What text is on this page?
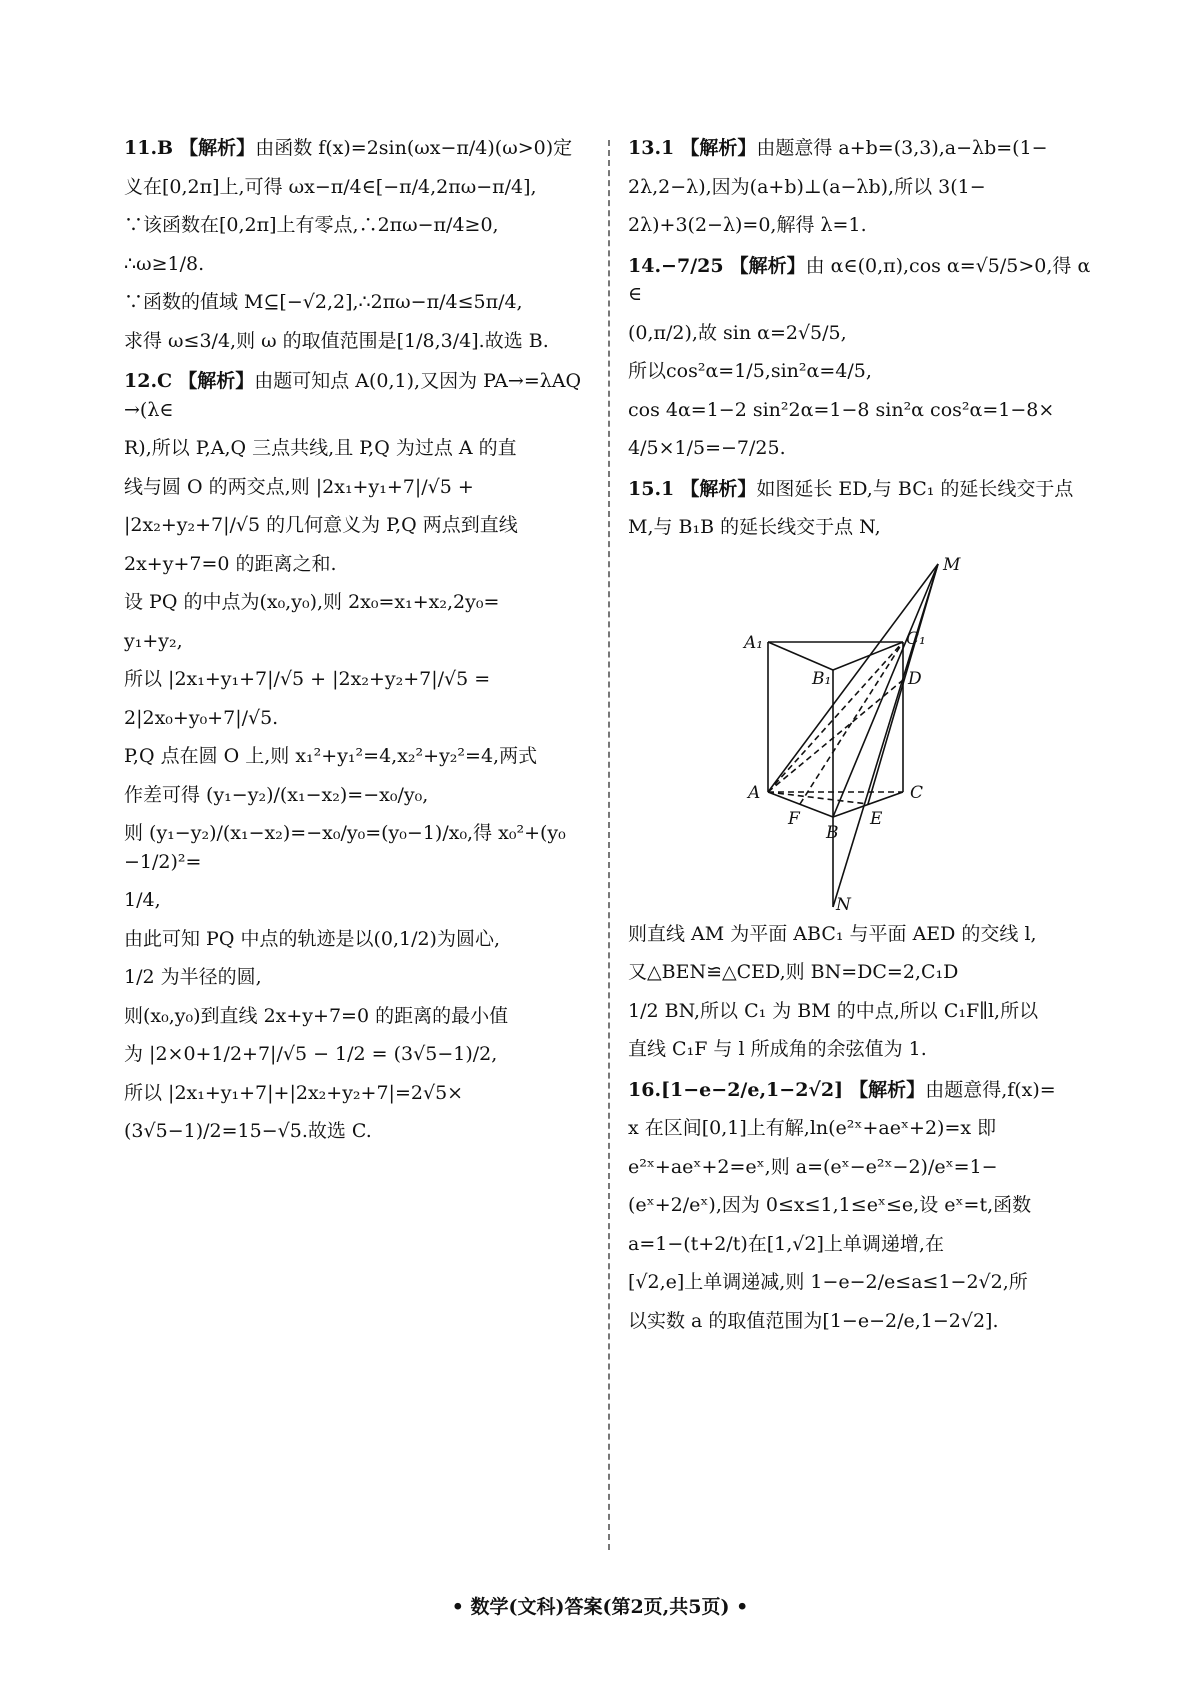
11.B 【解析】由函数 f(x)=2sin(ωx−π/4)(ω>0)定
义在[0,2π]上,可得 ωx−π/4∈[−π/4,2πω−π/4],
∵该函数在[0,2π]上有零点,∴2πω−π/4≥0,
∴ω≥1/8.
∵函数的值域 M⊆[−√2,2],∴2πω−π/4≤5π/4,
求得 ω≤3/4,则 ω 的取值范围是[1/8,3/4].故选 B.
12.C 【解析】由题可知点 A(0,1),又因为 PA→=λAQ→(λ∈
R),所以 P,A,Q 三点共线,且 P,Q 为过点 A 的直
线与圆 O 的两交点,则 |2x₁+y₁+7|/√5 +
|2x₂+y₂+7|/√5 的几何意义为 P,Q 两点到直线
2x+y+7=0 的距离之和.
设 PQ 的中点为(x₀,y₀),则 2x₀=x₁+x₂,2y₀=
y₁+y₂,
所以 |2x₁+y₁+7|/√5 + |2x₂+y₂+7|/√5 =
2|2x₀+y₀+7|/√5.
P,Q 点在圆 O 上,则 x₁²+y₁²=4,x₂²+y₂²=4,两式
作差可得 (y₁−y₂)/(x₁−x₂)=−x₀/y₀,
则 (y₁−y₂)/(x₁−x₂)=−x₀/y₀=(y₀−1)/x₀,得 x₀²+(y₀−1/2)²=
1/4,
由此可知 PQ 中点的轨迹是以(0,1/2)为圆心,
1/2 为半径的圆,
则(x₀,y₀)到直线 2x+y+7=0 的距离的最小值
为 |2×0+1/2+7|/√5 − 1/2 = (3√5−1)/2,
所以 |2x₁+y₁+7|+|2x₂+y₂+7|=2√5×
(3√5−1)/2=15−√5.故选 C.
13.1 【解析】由题意得 a+b=(3,3),a−λb=(1−
2λ,2−λ),因为(a+b)⊥(a−λb),所以 3(1−
2λ)+3(2−λ)=0,解得 λ=1.
14.−7/25 【解析】由 α∈(0,π),cos α=√5/5>0,得 α∈
(0,π/2),故 sin α=2√5/5,
所以cos²α=1/5,sin²α=4/5,
cos 4α=1−2 sin²2α=1−8 sin²α cos²α=1−8×
4/5×1/5=−7/25.
15.1 【解析】如图延长 ED,与 BC₁ 的延长线交于点
M,与 B₁B 的延长线交于点 N,
M
A₁	C₁
B₁	D
A	C
F
B
E
N
则直线 AM 为平面 ABC₁ 与平面 AED 的交线 l,
又△BEN≌△CED,则 BN=DC=2,C₁D
1/2 BN,所以 C₁ 为 BM 的中点,所以 C₁F∥l,所以
直线 C₁F 与 l 所成角的余弦值为 1.
16.[1−e−2/e,1−2√2] 【解析】由题意得,f(x)=
x 在区间[0,1]上有解,ln(e²ˣ+aeˣ+2)=x 即
e²ˣ+aeˣ+2=eˣ,则 a=(eˣ−e²ˣ−2)/eˣ=1−
(eˣ+2/eˣ),因为 0≤x≤1,1≤eˣ≤e,设 eˣ=t,函数
a=1−(t+2/t)在[1,√2]上单调递增,在
[√2,e]上单调递减,则 1−e−2/e≤a≤1−2√2,所
以实数 a 的取值范围为[1−e−2/e,1−2√2].
• 数学(文科)答案(第2页,共5页) •
